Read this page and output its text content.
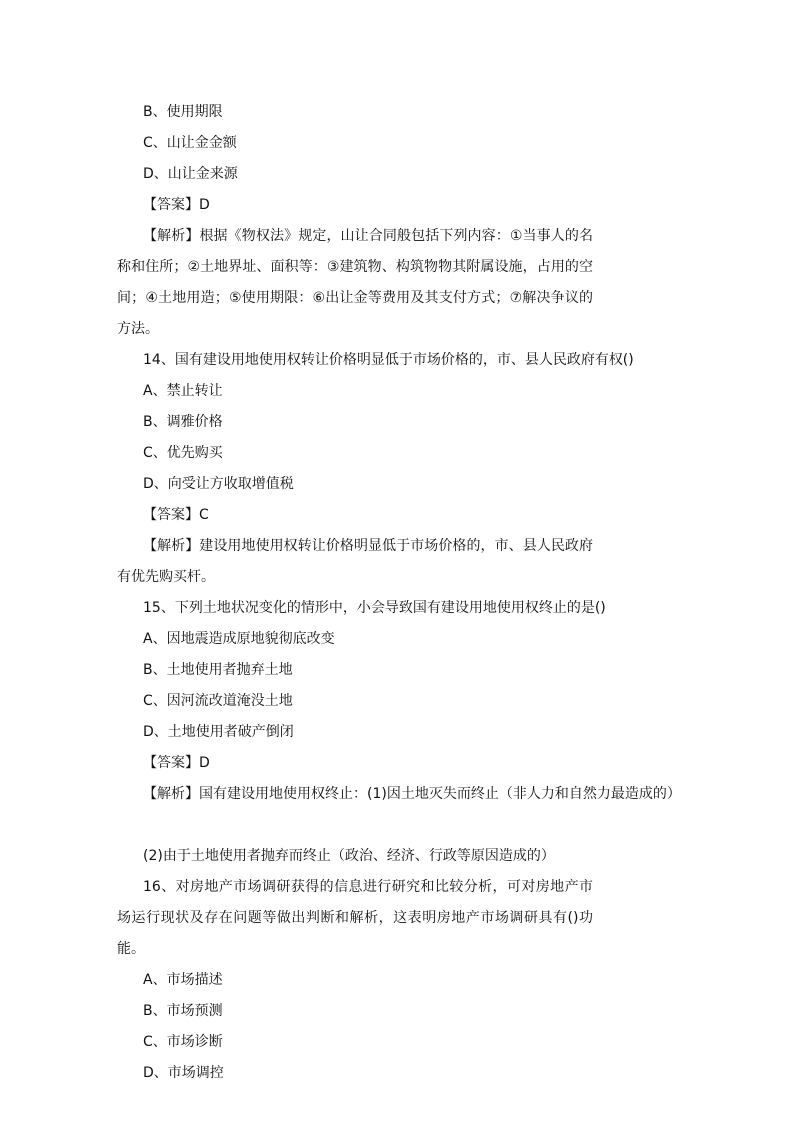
B、使用期限
C、山让金金额
D、山让金来源
【答案】D
【解析】根据《物权法》规定，山让合同般包括下列内容：①当事人的名称和住所；②土地界址、面积等：③建筑物、构筑物物其附属设施，占用的空间；④土地用造；⑤使用期限：⑥出让金等费用及其支付方式；⑦解决争议的方法。
14、国有建设用地使用权转让价格明显低于市场价格的，市、县人民政府有权()
A、禁止转让
B、调雅价格
C、优先购买
D、向受让方收取增值税
【答案】C
【解析】建设用地使用权转让价格明显低于市场价格的，市、县人民政府有优先购买杆。
15、下列土地状况变化的情形中，小会导致国有建设用地使用权终止的是()
A、因地震造成原地貌彻底改变
B、土地使用者抛弃土地
C、因河流改道淹没土地
D、土地使用者破产倒闭
【答案】D
【解析】国有建设用地使用权终止：(1)因土地灭失而终止（非人力和自然力最造成的）
(2)由于土地使用者抛弃而终止（政治、经济、行政等原因造成的）
16、对房地产市场调研获得的信息进行研究和比较分析，可对房地产市场运行现状及存在问题等做出判断和解析，这表明房地产市场调研具有()功能。
A、市场描述
B、市场预测
C、市场诊断
D、市场调控
